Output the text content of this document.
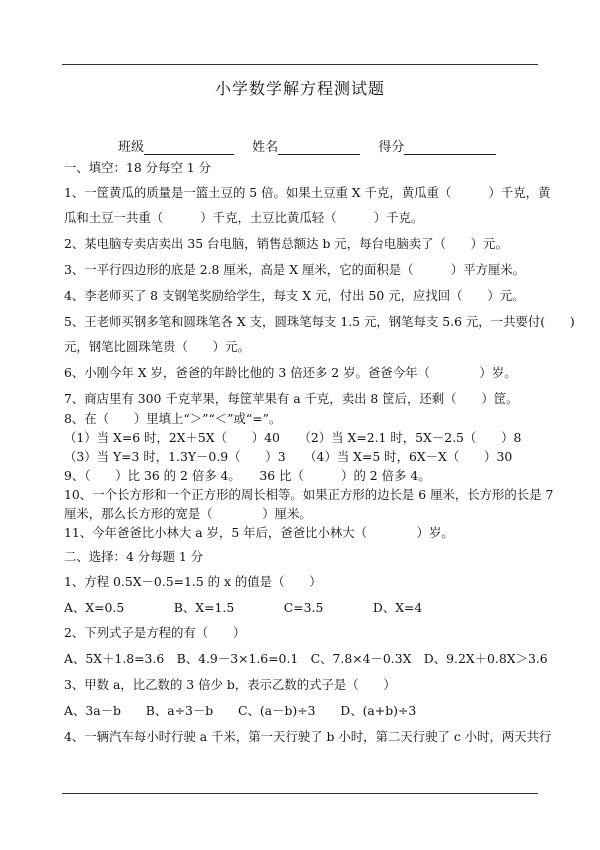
小学数学解方程测试题
班级	姓名	得分
一、填空：18 分每空 1 分
1、一筐黄瓜的质量是一篮土豆的 5 倍。如果土豆重 X 千克，黄瓜重（　　　）千克，黄
瓜和土豆一共重（　　　）千克，土豆比黄瓜轻（　　　）千克。
2、某电脑专卖店卖出 35 台电脑，销售总额达 b 元，每台电脑卖了（　　）元。
3、一平行四边形的底是 2.8 厘米，高是 X 厘米，它的面积是（　　　）平方厘米。
4、李老师买了 8 支钢笔奖励给学生，每支 X 元，付出 50 元，应找回（　　）元。
5、王老师买钢多笔和圆珠笔各 X 支，圆珠笔每支 1.5 元，钢笔每支 5.6 元，一共要付(　　)
元，钢笔比圆珠笔贵（　　）元。
6、小刚今年 X 岁，爸爸的年龄比他的 3 倍还多 2 岁。爸爸今年（　　　　）岁。
7、商店里有 300 千克苹果，每筐苹果有 a 千克，卖出 8 筐后，还剩（　　）筐。
8、在（　　）里填上“＞”“＜”或“=”。
（1）当 X=6 时，2X＋5X（　　）40　　（2）当 X=2.1 时，5X－2.5（　　）8
（3）当 Y=3 时，1.3Y－0.9（　　）3　　（4）当 X=5 时，6X－X（　　）30
9、（　　）比 36 的 2 倍多 4。　　36 比（　　　）的 2 倍多 4。
10、一个长方形和一个正方形的周长相等。如果正方形的边长是 6 厘米，长方形的长是 7
厘米，那么长方形的宽是（　　　　）厘米。
11、今年爸爸比小林大 a 岁，5 年后，爸爸比小林大（　　　　）岁。
二、选择：4 分每题 1 分
1、方程 0.5X－0.5=1.5 的 x 的值是（　　）
A、X=0.5　　　　B、X=1.5　　　　C=3.5　　　　D、X=4
2、下列式子是方程的有（　　）
A、5X＋1.8=3.6　B、4.9－3×1.6=0.1　C、7.8×4－0.3X　D、9.2X＋0.8X＞3.6
3、甲数 a，比乙数的 3 倍少 b，表示乙数的式子是（　　）
A、3a－b　　B、a÷3－b　　C、(a－b)÷3　　D、(a+b)÷3
4、一辆汽车每小时行驶 a 千米，第一天行驶了 b 小时，第二天行驶了 c 小时，两天共行
